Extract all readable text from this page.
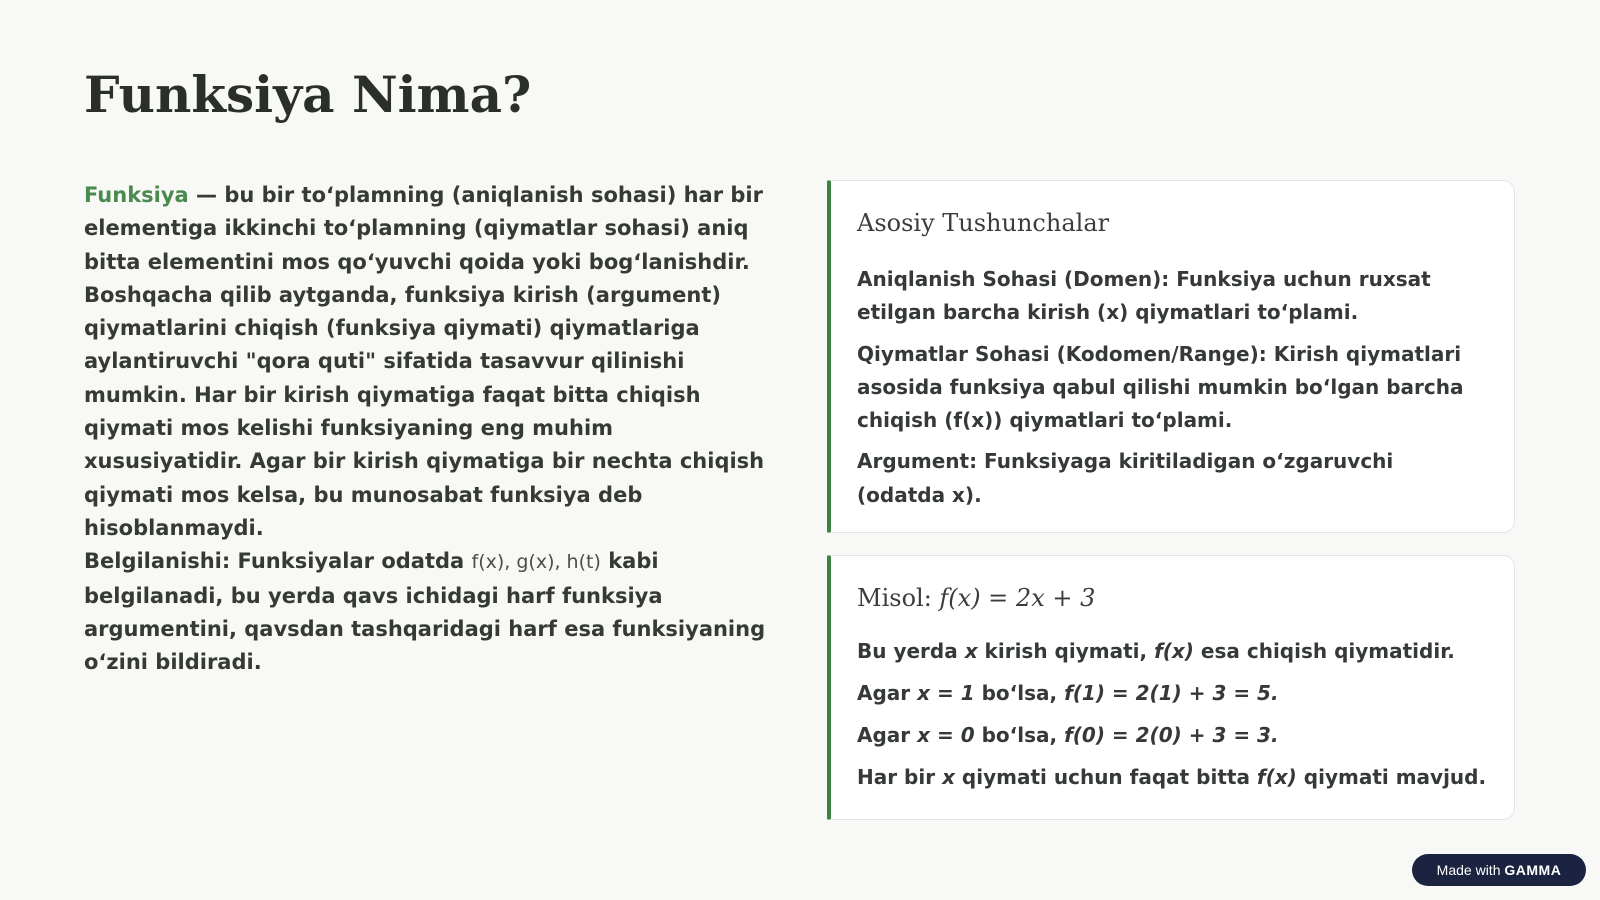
Funksiya Nima?

Funksiya — bu bir to‘plamning (aniqlanish sohasi) har bir elementiga ikkinchi to‘plamning (qiymatlar sohasi) aniq bitta elementini mos qo‘yuvchi qoida yoki bog‘lanishdir. Boshqacha qilib aytganda, funksiya kirish (argument) qiymatlarini chiqish (funksiya qiymati) qiymatlariga aylantiruvchi "qora quti" sifatida tasavvur qilinishi mumkin. Har bir kirish qiymatiga faqat bitta chiqish qiymati mos kelishi funksiyaning eng muhim xususiyatidir. Agar bir kirish qiymatiga bir nechta chiqish qiymati mos kelsa, bu munosabat funksiya deb hisoblanmaydi.

Belgilanishi: Funksiyalar odatda f(x), g(x), h(t) kabi belgilanadi, bu yerda qavs ichidagi harf funksiya argumentini, qavsdan tashqaridagi harf esa funksiyaning o‘zini bildiradi.

Asosiy Tushunchalar

Aniqlanish Sohasi (Domen): Funksiya uchun ruxsat etilgan barcha kirish (x) qiymatlari to‘plami.

Qiymatlar Sohasi (Kodomen/Range): Kirish qiymatlari asosida funksiya qabul qilishi mumkin bo‘lgan barcha chiqish (f(x)) qiymatlari to‘plami.

Argument: Funksiyaga kiritiladigan o‘zgaruvchi (odatda x).

Misol: f(x) = 2x + 3

Bu yerda x kirish qiymati, f(x) esa chiqish qiymatidir.

Agar x = 1 bo‘lsa, f(1) = 2(1) + 3 = 5.

Agar x = 0 bo‘lsa, f(0) = 2(0) + 3 = 3.

Har bir x qiymati uchun faqat bitta f(x) qiymati mavjud.

Made with GAMMA
